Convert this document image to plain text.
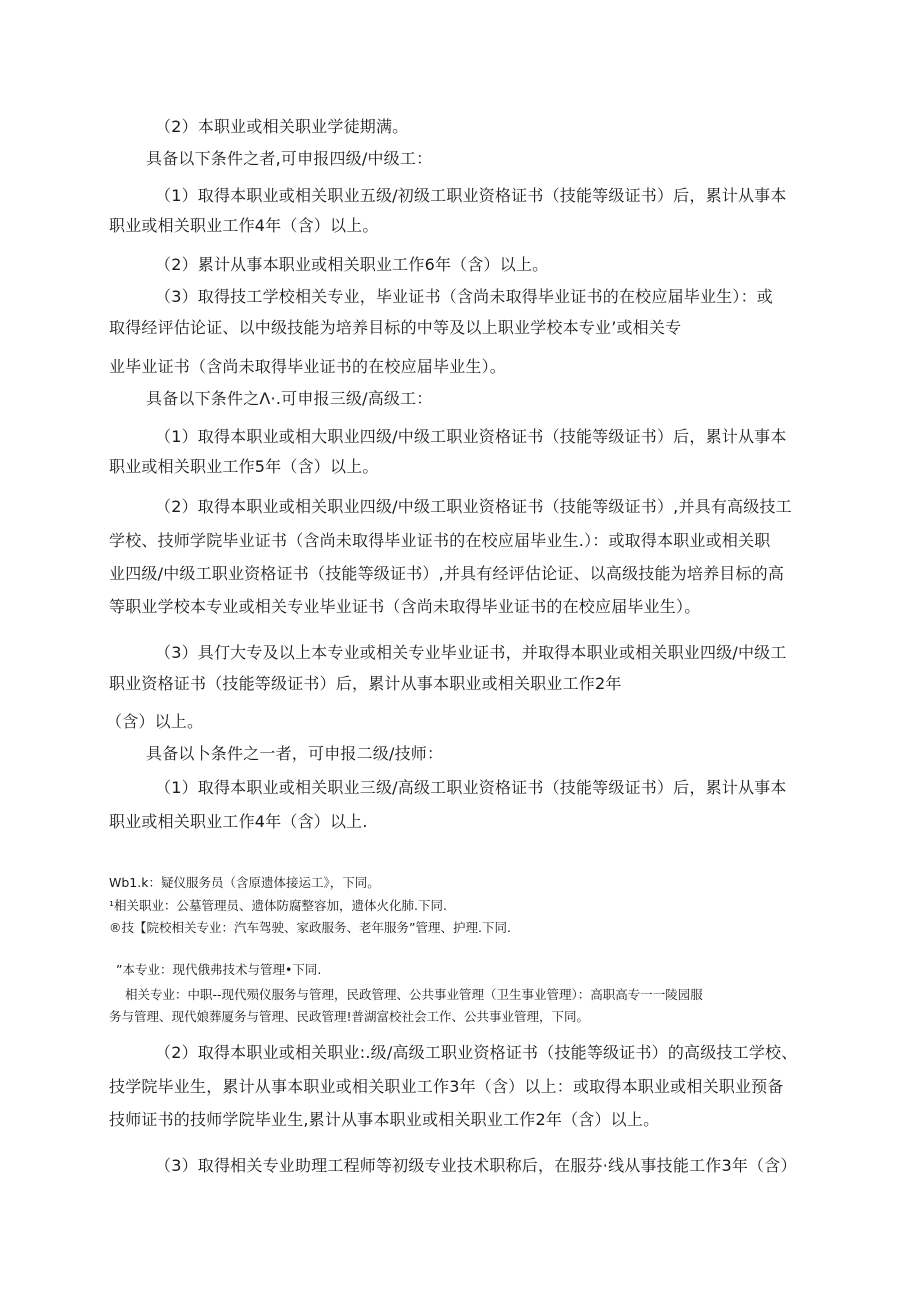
（2）本职业或相关职业学徒期满。

具备以下条件之者,可申报四级/中级工：

（1）取得本职业或相关职业五级/初级工职业资格证书（技能等级证书）后，累计从事本

职业或相关职业工作4年（含）以上。

（2）累计从事本职业或相关职业工作6年（含）以上。

（3）取得技工学校相关专业，毕业证书（含尚未取得毕业证书的在校应届毕业生）：或

取得经评估论证、以中级技能为培养目标的中等及以上职业学校本专业’或相关专

业毕业证书（含尚未取得毕业证书的在校应届毕业生）。

具备以下条件之Λ·.可申报三级/高级工：

（1）取得本职业或相大职业四级/中级工职业资格证书（技能等级证书）后，累计从事本

职业或相关职业工作5年（含）以上。

（2）取得本职业或相关职业四级/中级工职业资格证书（技能等级证书）,并具有高级技工

学校、技师学院毕业证书（含尚未取得毕业证书的在校应届毕业生.）：或取得本职业或相关职

业四级/中级工职业资格证书（技能等级证书）,并具有经评估论证、以高级技能为培养目标的高

等职业学校本专业或相关专业毕业证书（含尚未取得毕业证书的在校应届毕业生）。

（3）具仃大专及以上本专业或相关专业毕业证书，并取得本职业或相关职业四级/中级工

职业资格证书（技能等级证书）后，累计从事本职业或相关职业工作2年

（含）以上。

具备以卜条件之一者，可申报二级/技师：

（1）取得本职业或相关职业三级/高级工职业资格证书（技能等级证书）后，累计从事本

职业或相关职业工作4年（含）以上.

Wb1.k：疑仪服务员（含原遗体接运工》，下同。

¹相关职业：公墓管理员、遗体防腐整容加，遗体火化肺.下同.

®技【院校相关专业：汽车驾驶、家政服务、老年服务”管理、护理.下同.

”本专业：现代俄弗技术与管理•下同.

相关专业：中职--现代殒仪服务与管理，民政管理、公共事业管理（卫生事业管理）：高职高专一一陵园服

务与管理、现代娘葬厦务与管理、民政管理!普湖富校社会工作、公共事业管理，下同。

（2）取得本职业或相关职业:.级/高级工职业资格证书（技能等级证书）的高级技工学校、

技学院毕业生，累计从事本职业或相关职业工作3年（含）以上：或取得本职业或相关职业预备

技师证书的技师学院毕业生,累计从事本职业或相关职业工作2年（含）以上。

（3）取得相关专业助理工程师等初级专业技术职称后，在服芬·线从事技能工作3年（含）
